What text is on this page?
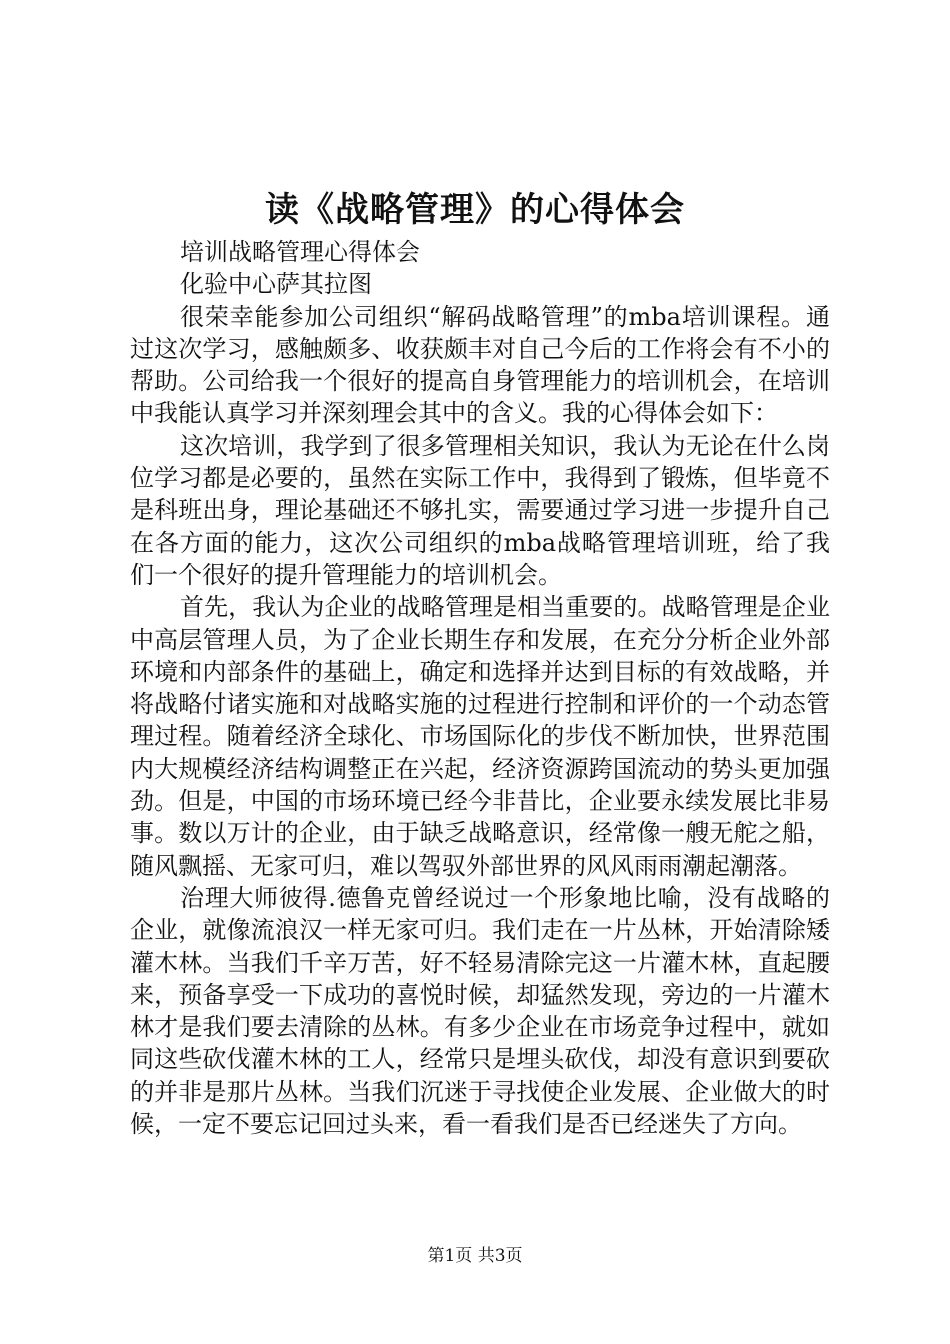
读《战略管理》的心得体会

培训战略管理心得体会

化验中心萨其拉图

很荣幸能参加公司组织“解码战略管理”的mba培训课程。通过这次学习，感触颇多、收获颇丰对自己今后的工作将会有不小的帮助。公司给我一个很好的提高自身管理能力的培训机会，在培训中我能认真学习并深刻理会其中的含义。我的心得体会如下：

这次培训，我学到了很多管理相关知识，我认为无论在什么岗位学习都是必要的，虽然在实际工作中，我得到了锻炼，但毕竟不是科班出身，理论基础还不够扎实，需要通过学习进一步提升自己在各方面的能力，这次公司组织的mba战略管理培训班，给了我们一个很好的提升管理能力的培训机会。

首先，我认为企业的战略管理是相当重要的。战略管理是企业中高层管理人员，为了企业长期生存和发展，在充分分析企业外部环境和内部条件的基础上，确定和选择并达到目标的有效战略，并将战略付诸实施和对战略实施的过程进行控制和评价的一个动态管理过程。随着经济全球化、市场国际化的步伐不断加快，世界范围内大规模经济结构调整正在兴起，经济资源跨国流动的势头更加强劲。但是，中国的市场环境已经今非昔比，企业要永续发展比非易事。数以万计的企业，由于缺乏战略意识，经常像一艘无舵之船，随风飘摇、无家可归，难以驾驭外部世界的风风雨雨潮起潮落。

治理大师彼得.德鲁克曾经说过一个形象地比喻，没有战略的企业，就像流浪汉一样无家可归。我们走在一片丛林，开始清除矮灌木林。当我们千辛万苦，好不轻易清除完这一片灌木林，直起腰来，预备享受一下成功的喜悦时候，却猛然发现，旁边的一片灌木林才是我们要去清除的丛林。有多少企业在市场竞争过程中，就如同这些砍伐灌木林的工人，经常只是埋头砍伐，却没有意识到要砍的并非是那片丛林。当我们沉迷于寻找使企业发展、企业做大的时候，一定不要忘记回过头来，看一看我们是否已经迷失了方向。

第1页 共3页
